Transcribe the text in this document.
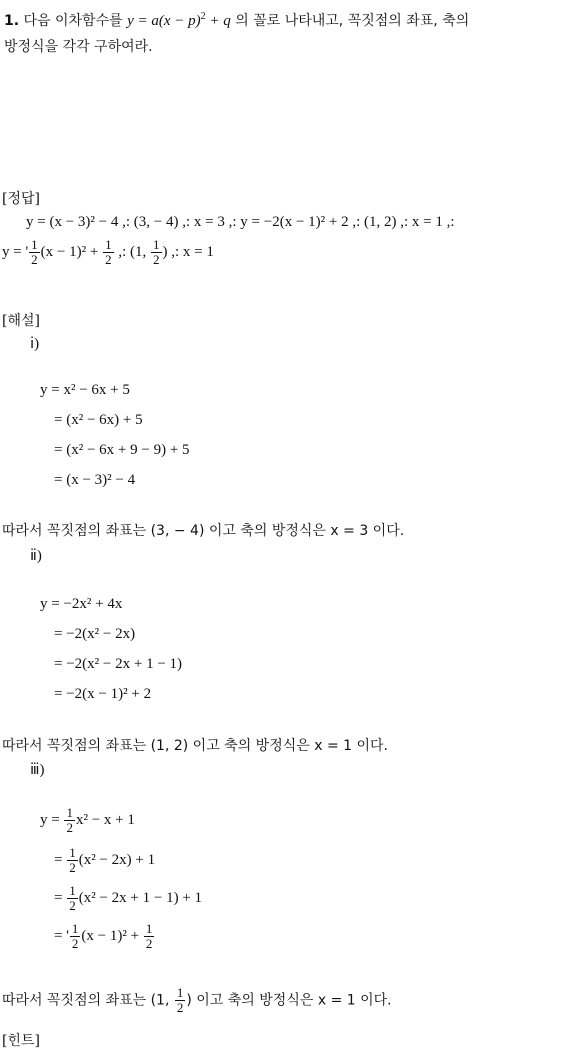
1. 다음 이차함수를 $y = a(x - p)^2 + q$ 의 꼴로 나타내고, 꼭짓점의 좌표, 축의
방정식을 각각 구하여라.
[정답]
y = (x − 3)² − 4 ,: (3, − 4) ,: x = 3 ,: y = −2(x − 1)² + 2 ,: (1, 2) ,: x = 1 ,:
y = ' $\frac{1}{2} (x - 1)^2 + \frac{1}{2}$ ,: (1, $\frac{1}{2}$ ) ,: x = 1
[해설]
ⅰ)
y = x² − 6x + 5
= (x² − 6x) + 5
= (x² − 6x + 9 − 9) + 5
= (x − 3)² − 4
따라서 꼭짓점의 좌표는 (3, − 4) 이고 축의 방정식은 x = 3 이다.
ⅱ)
y = −2x² + 4x
= −2(x² − 2x)
= −2(x² − 2x + 1 − 1)
= −2(x − 1)² + 2
따라서 꼭짓점의 좌표는 (1, 2) 이고 축의 방정식은 x = 1 이다.
ⅲ)
$y = \frac{1}{2} x^2 - x + 1$
= $\frac{1}{2} (x^2 - 2x) + 1$
= $\frac{1}{2} (x^2 - 2x + 1 - 1) + 1$
= ' $\frac{1}{2} (x - 1)^2 + \frac{1}{2}$
따라서 꼭짓점의 좌표는 (1, $\frac{1}{2}$ ) 이고 축의 방정식은 x = 1 이다.
[힌트]
